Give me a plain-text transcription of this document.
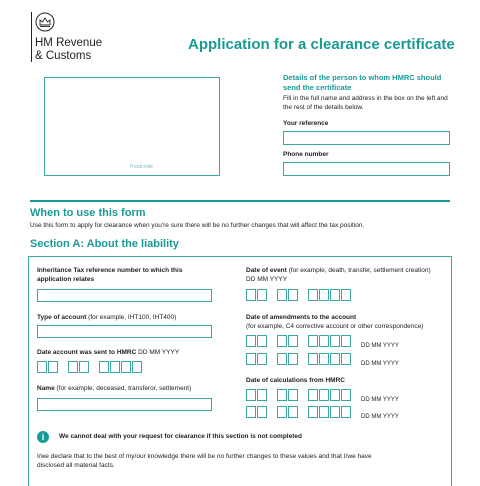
HM Revenue
& Customs
Application for a clearance certificate
Postcode
Details of the person to whom HMRC should send the certificate
Fill in the full name and address in the box on the left and the rest of the details below.
Your reference
Phone number
When to use this form
Use this form to apply for clearance when you're sure there will be no further changes that will affect the tax position.
Section A: About the liability
Inheritance Tax reference number to which this application relates
Type of account (for example, IHT100, IHT400)
Date account was sent to HMRC DD MM YYYY
Name (for example, deceased, transferor, settlement)
Date of event (for example, death, transfer, settlement creation)
DD MM YYYY
Date of amendments to the account
(for example, C4 corrective account or other correspondence)
DD MM YYYY
DD MM YYYY
Date of calculations from HMRC
DD MM YYYY
DD MM YYYY
i	We cannot deal with your request for clearance if this section is not completed
I/we declare that to the best of my/our knowledge there will be no further changes to these values and that I/we have disclosed all material facts.
